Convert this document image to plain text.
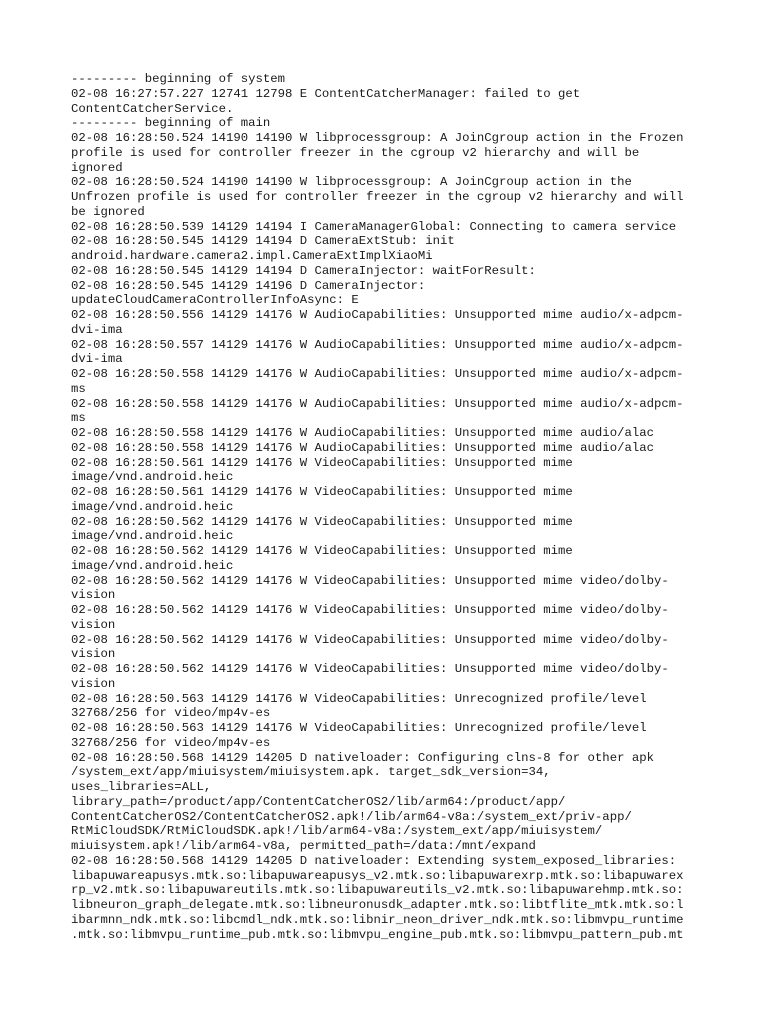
--------- beginning of system
02-08 16:27:57.227 12741 12798 E ContentCatcherManager: failed to get
ContentCatcherService.
--------- beginning of main
02-08 16:28:50.524 14190 14190 W libprocessgroup: A JoinCgroup action in the Frozen
profile is used for controller freezer in the cgroup v2 hierarchy and will be
ignored
02-08 16:28:50.524 14190 14190 W libprocessgroup: A JoinCgroup action in the
Unfrozen profile is used for controller freezer in the cgroup v2 hierarchy and will
be ignored
02-08 16:28:50.539 14129 14194 I CameraManagerGlobal: Connecting to camera service
02-08 16:28:50.545 14129 14194 D CameraExtStub: init
android.hardware.camera2.impl.CameraExtImplXiaoMi
02-08 16:28:50.545 14129 14194 D CameraInjector: waitForResult:
02-08 16:28:50.545 14129 14196 D CameraInjector:
updateCloudCameraControllerInfoAsync: E
02-08 16:28:50.556 14129 14176 W AudioCapabilities: Unsupported mime audio/x-adpcm-
dvi-ima
02-08 16:28:50.557 14129 14176 W AudioCapabilities: Unsupported mime audio/x-adpcm-
dvi-ima
02-08 16:28:50.558 14129 14176 W AudioCapabilities: Unsupported mime audio/x-adpcm-
ms
02-08 16:28:50.558 14129 14176 W AudioCapabilities: Unsupported mime audio/x-adpcm-
ms
02-08 16:28:50.558 14129 14176 W AudioCapabilities: Unsupported mime audio/alac
02-08 16:28:50.558 14129 14176 W AudioCapabilities: Unsupported mime audio/alac
02-08 16:28:50.561 14129 14176 W VideoCapabilities: Unsupported mime
image/vnd.android.heic
02-08 16:28:50.561 14129 14176 W VideoCapabilities: Unsupported mime
image/vnd.android.heic
02-08 16:28:50.562 14129 14176 W VideoCapabilities: Unsupported mime
image/vnd.android.heic
02-08 16:28:50.562 14129 14176 W VideoCapabilities: Unsupported mime
image/vnd.android.heic
02-08 16:28:50.562 14129 14176 W VideoCapabilities: Unsupported mime video/dolby-
vision
02-08 16:28:50.562 14129 14176 W VideoCapabilities: Unsupported mime video/dolby-
vision
02-08 16:28:50.562 14129 14176 W VideoCapabilities: Unsupported mime video/dolby-
vision
02-08 16:28:50.562 14129 14176 W VideoCapabilities: Unsupported mime video/dolby-
vision
02-08 16:28:50.563 14129 14176 W VideoCapabilities: Unrecognized profile/level
32768/256 for video/mp4v-es
02-08 16:28:50.563 14129 14176 W VideoCapabilities: Unrecognized profile/level
32768/256 for video/mp4v-es
02-08 16:28:50.568 14129 14205 D nativeloader: Configuring clns-8 for other apk
/system_ext/app/miuisystem/miuisystem.apk. target_sdk_version=34,
uses_libraries=ALL,
library_path=/product/app/ContentCatcherOS2/lib/arm64:/product/app/
ContentCatcherOS2/ContentCatcherOS2.apk!/lib/arm64-v8a:/system_ext/priv-app/
RtMiCloudSDK/RtMiCloudSDK.apk!/lib/arm64-v8a:/system_ext/app/miuisystem/
miuisystem.apk!/lib/arm64-v8a, permitted_path=/data:/mnt/expand
02-08 16:28:50.568 14129 14205 D nativeloader: Extending system_exposed_libraries:
libapuwareapusys.mtk.so:libapuwareapusys_v2.mtk.so:libapuwarexrp.mtk.so:libapuwarex
rp_v2.mtk.so:libapuwareutils.mtk.so:libapuwareutils_v2.mtk.so:libapuwarehmp.mtk.so:
libneuron_graph_delegate.mtk.so:libneuronusdk_adapter.mtk.so:libtflite_mtk.mtk.so:l
ibarmnn_ndk.mtk.so:libcmdl_ndk.mtk.so:libnir_neon_driver_ndk.mtk.so:libmvpu_runtime
.mtk.so:libmvpu_runtime_pub.mtk.so:libmvpu_engine_pub.mtk.so:libmvpu_pattern_pub.mt
